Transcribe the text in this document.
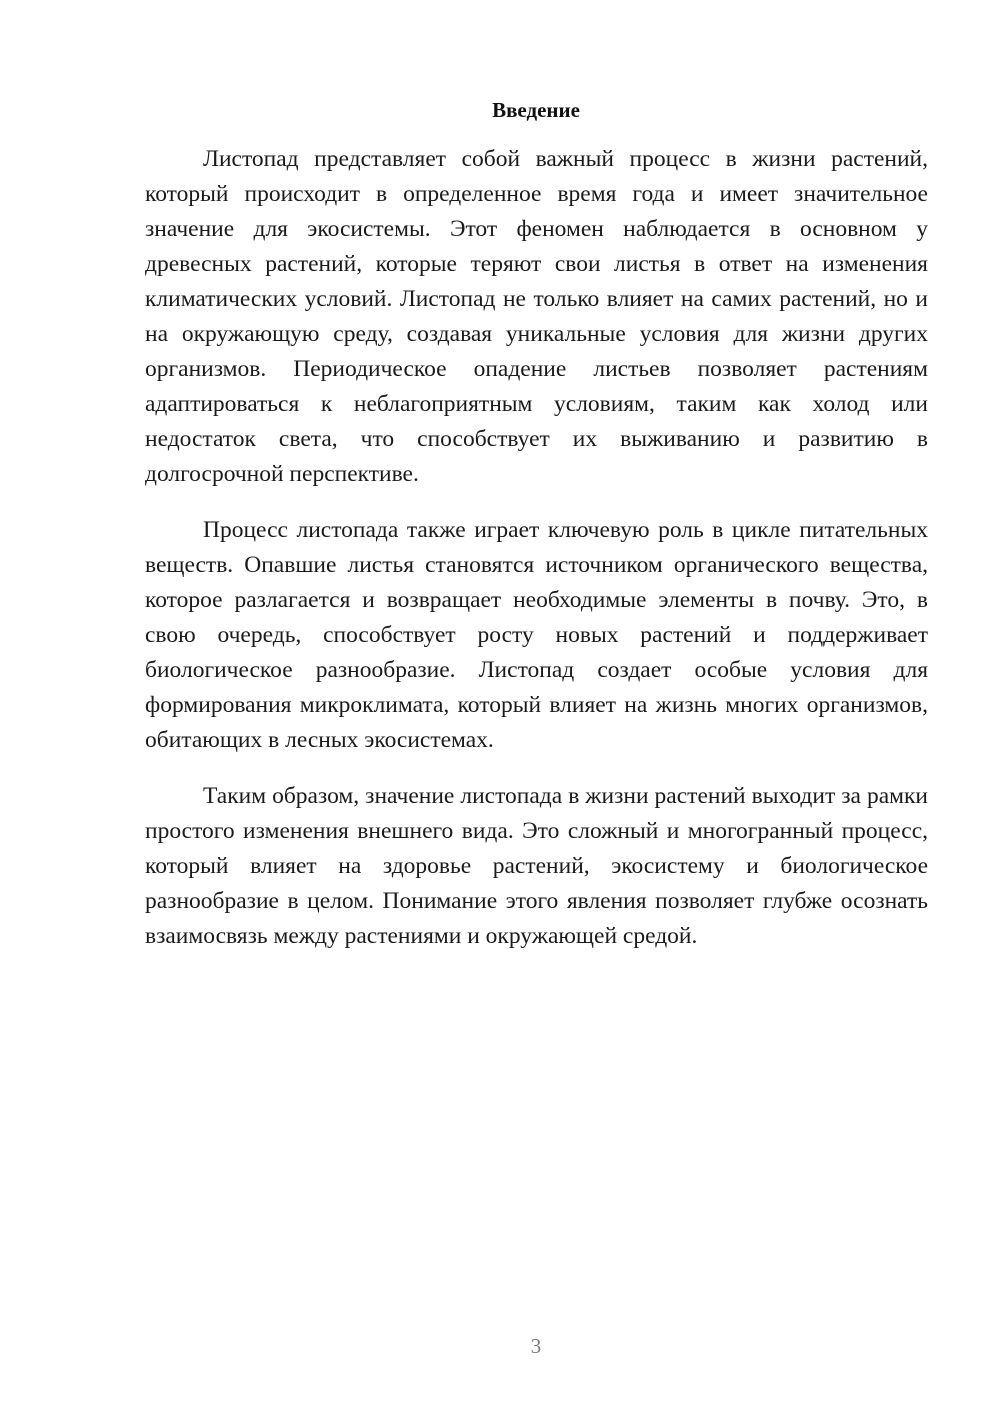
Введение

Листопад представляет собой важный процесс в жизни растений, который происходит в определенное время года и имеет значительное значение для экосистемы. Этот феномен наблюдается в основном у древесных растений, которые теряют свои листья в ответ на изменения климатических условий. Листопад не только влияет на самих растений, но и на окружающую среду, создавая уникальные условия для жизни других организмов. Периодическое опадение листьев позволяет растениям адаптироваться к неблагоприятным условиям, таким как холод или недостаток света, что способствует их выживанию и развитию в долгосрочной перспективе.

Процесс листопада также играет ключевую роль в цикле питательных веществ. Опавшие листья становятся источником органического вещества, которое разлагается и возвращает необходимые элементы в почву. Это, в свою очередь, способствует росту новых растений и поддерживает биологическое разнообразие. Листопад создает особые условия для формирования микроклимата, который влияет на жизнь многих организмов, обитающих в лесных экосистемах.

Таким образом, значение листопада в жизни растений выходит за рамки простого изменения внешнего вида. Это сложный и многогранный процесс, который влияет на здоровье растений, экосистему и биологическое разнообразие в целом. Понимание этого явления позволяет глубже осознать взаимосвязь между растениями и окружающей средой.

3
